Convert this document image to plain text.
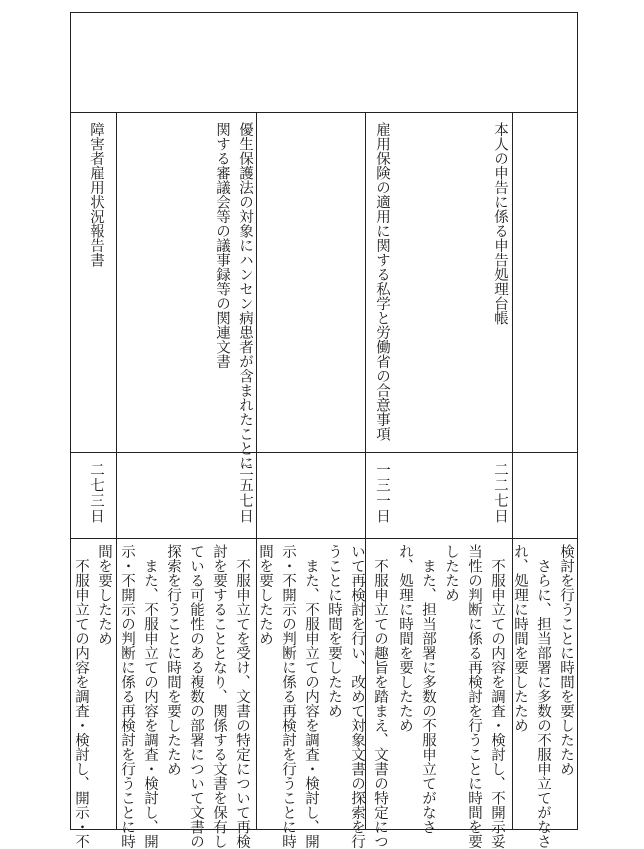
本人の申告に係る申告処理台帳
二二七日
検討を行うことに時間を要したため
　さらに、担当部署に多数の不服申立てがなさ
れ、処理に時間を要したため
　不服申立ての内容を調査・検討し、不開示妥
当性の判断に係る再検討を行うことに時間を要
したため
　また、担当部署に多数の不服申立てがなさ
れ、処理に時間を要したため
雇用保険の適用に関する私学と労働省の合意事項
一三一日
　不服申立ての趣旨を踏まえ、文書の特定につ
いて再検討を行い、改めて対象文書の探索を行
うことに時間を要したため
　また、不服申立ての内容を調査・検討し、開
示・不開示の判断に係る再検討を行うことに時
間を要したため
優生保護法の対象にハンセン病患者が含まれたことに
関する審議会等の議事録等の関連文書
二五七日
　不服申立てを受け、文書の特定について再検
討を要することとなり、関係する文書を保有し
ている可能性のある複数の部署について文書の
探索を行うことに時間を要したため
　また、不服申立ての内容を調査・検討し、開
示・不開示の判断に係る再検討を行うことに時
間を要したため
障害者雇用状況報告書
二七三日
　不服申立ての内容を調査・検討し、開示・不
